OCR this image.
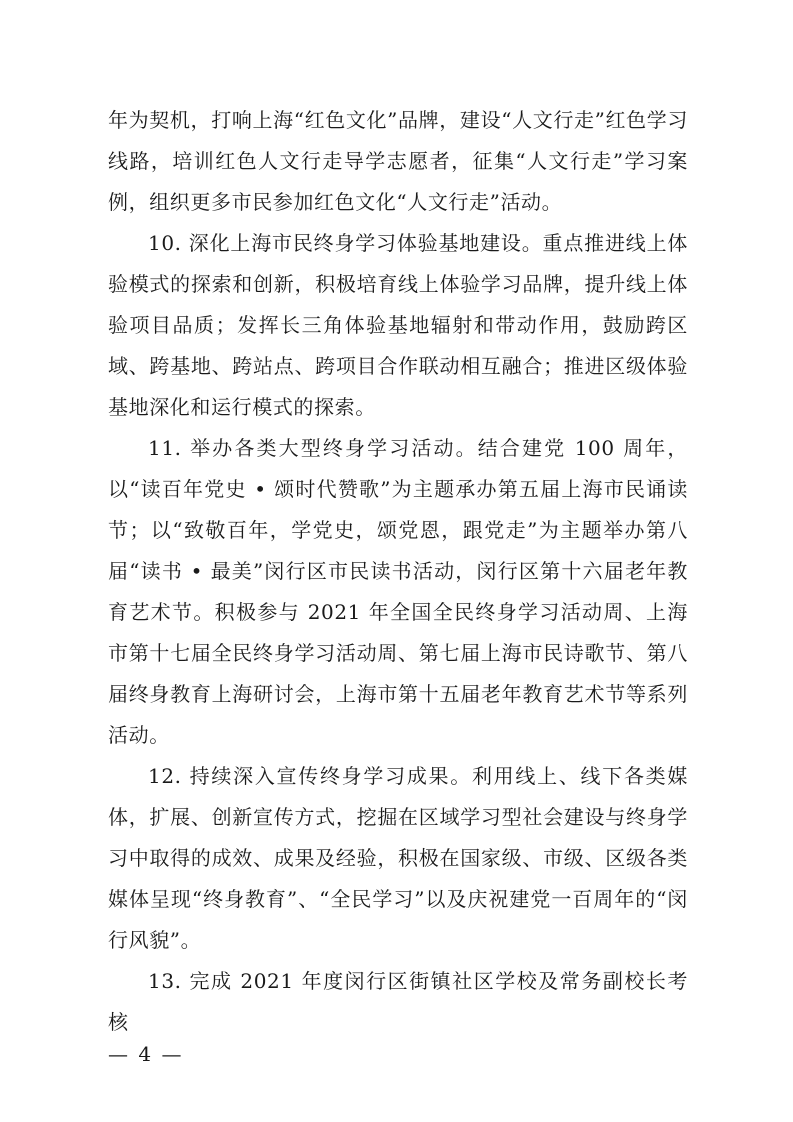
年为契机，打响上海“红色文化”品牌，建设“人文行走”红色学习线路，培训红色人文行走导学志愿者，征集“人文行走”学习案例，组织更多市民参加红色文化“人文行走”活动。

10. 深化上海市民终身学习体验基地建设。重点推进线上体验模式的探索和创新，积极培育线上体验学习品牌，提升线上体验项目品质；发挥长三角体验基地辐射和带动作用，鼓励跨区域、跨基地、跨站点、跨项目合作联动相互融合；推进区级体验基地深化和运行模式的探索。

11. 举办各类大型终身学习活动。结合建党 100 周年，以“读百年党史 • 颂时代赞歌”为主题承办第五届上海市民诵读节；以“致敬百年，学党史，颂党恩，跟党走”为主题举办第八届“读书 • 最美”闵行区市民读书活动，闵行区第十六届老年教育艺术节。积极参与 2021 年全国全民终身学习活动周、上海市第十七届全民终身学习活动周、第七届上海市民诗歌节、第八届终身教育上海研讨会，上海市第十五届老年教育艺术节等系列活动。

12. 持续深入宣传终身学习成果。利用线上、线下各类媒体，扩展、创新宣传方式，挖掘在区域学习型社会建设与终身学习中取得的成效、成果及经验，积极在国家级、市级、区级各类媒体呈现“终身教育”、“全民学习”以及庆祝建党一百周年的“闵行风貌”。

13. 完成 2021 年度闵行区街镇社区学校及常务副校长考核

— 4 —
